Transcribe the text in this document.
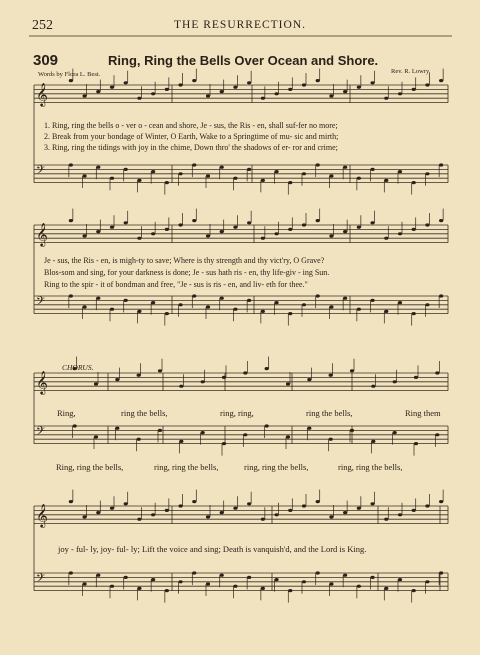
𝄞
𝄢
𝄞
𝄢
𝄞
𝄢
𝄞
𝄢
252	THE RESURRECTION.
309	Ring, Ring the Bells Over Ocean and Shore.
Words by Flora L. Best.	Rev. R. Lowry.
1. Ring, ring the bells o - ver o - cean and shore, Je - sus, the Ris - en, shall suf-fer no more;
2. Break from your bondage of Winter, O Earth, Wake to a Springtime of mu- sic and mirth;
3. Ring, ring the tidings with joy in the chime, Down thro' the shadows of er- ror and crime;
Je - sus, the Ris - en, is migh-ty to save; Where is thy strength and thy vict'ry, O Grave?
Blos-som and sing, for your darkness is done; Je - sus hath ris - en, thy life-giv - ing Sun.
Ring to the spir - it of bondman and free, "Je - sus is ris - en, and liv- eth for thee."
CHORUS.
Ring,	ring the bells,	ring, ring,	ring the bells,	Ring them
Ring, ring the bells,	ring, ring the bells,	ring, ring the bells,	ring, ring the bells,
joy - ful- ly, joy- ful- ly; Lift the voice and sing; Death is vanquish'd, and the Lord is King.
